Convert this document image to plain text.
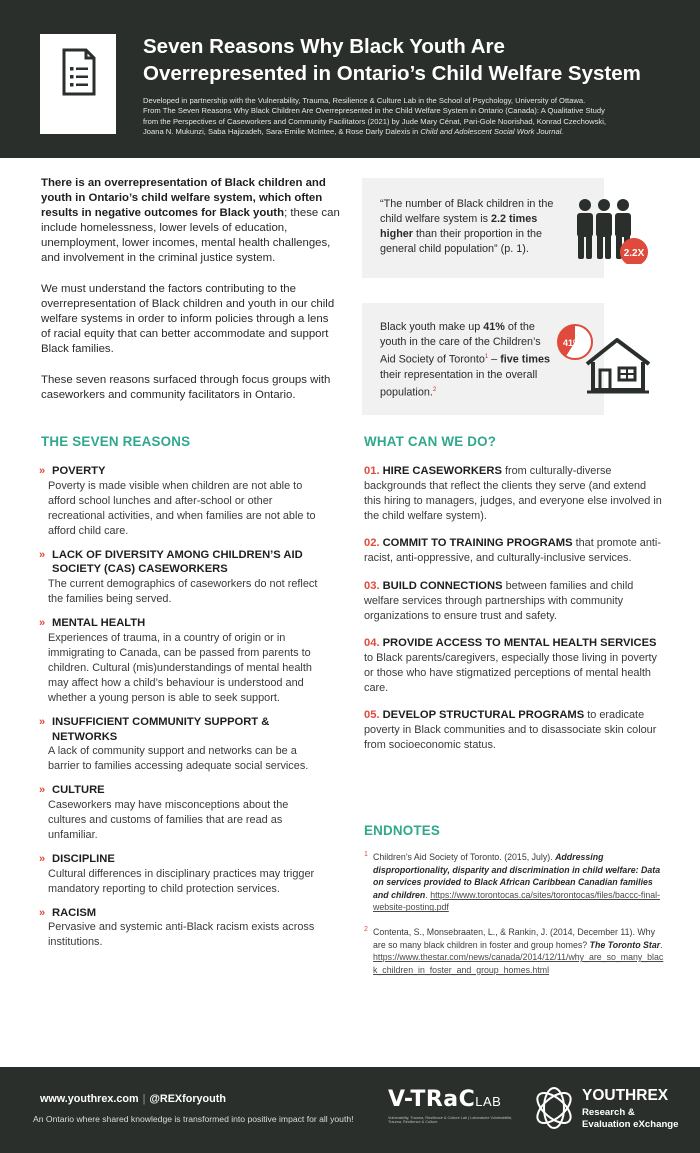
FACTSHEET
Seven Reasons Why Black Youth Are
Overrepresented in Ontario’s Child Welfare System
Developed in partnership with the Vulnerability, Trauma, Resilience & Culture Lab in the School of Psychology, University of Ottawa.
From The Seven Reasons Why Black Children Are Overrepresented in the Child Welfare System in Ontario (Canada): A Qualitative Study
from the Perspectives of Caseworkers and Community Facilitators (2021) by Jude Mary Cénat, Pari-Gole Noorishad, Konrad Czechowski,
Joana N. Mukunzi, Saba Hajizadeh, Sara-Emilie McIntee, & Rose Darly Dalexis in Child and Adolescent Social Work Journal.

There is an overrepresentation of Black children and youth in Ontario’s child welfare system, which often results in negative outcomes for Black youth; these can include homelessness, lower levels of education, unemployment, lower incomes, mental health challenges, and involvement in the criminal justice system.

We must understand the factors contributing to the overrepresentation of Black children and youth in our child welfare systems in order to inform policies through a lens of racial equity that can better accommodate and support Black families.

These seven reasons surfaced through focus groups with caseworkers and community facilitators in Ontario.

“The number of Black children in the child welfare system is 2.2 times higher than their proportion in the general child population” (p. 1).	2.2X
Black youth make up 41% of the youth in the care of the Children’s Aid Society of Toronto$^1$ – five times their representation in the overall population.$^2$
41%
THE SEVEN REASONS
» POVERTY
Poverty is made visible when children are not able to afford school lunches and after-school or other recreational activities, and when families are not able to afford child care.
» LACK OF DIVERSITY AMONG CHILDREN’S AID SOCIETY (CAS) CASEWORKERS
The current demographics of caseworkers do not reflect the families being served.
» MENTAL HEALTH
Experiences of trauma, in a country of origin or in immigrating to Canada, can be passed from parents to children. Cultural (mis)understandings of mental health may affect how a child’s behaviour is understood and whether a young person is able to seek support.
» INSUFFICIENT COMMUNITY SUPPORT & NETWORKS
A lack of community support and networks can be a barrier to families accessing adequate social services.
» CULTURE
Caseworkers may have misconceptions about the cultures and customs of families that are read as unfamiliar.
» DISCIPLINE
Cultural differences in disciplinary practices may trigger mandatory reporting to child protection services.
» RACISM
Pervasive and systemic anti-Black racism exists across institutions.
WHAT CAN WE DO?
01. HIRE CASEWORKERS from culturally-diverse backgrounds that reflect the clients they serve (and extend this hiring to managers, judges, and everyone else involved in the child welfare system).
02. COMMIT TO TRAINING PROGRAMS that promote anti-racist, anti-oppressive, and culturally-inclusive services.
03. BUILD CONNECTIONS between families and child welfare services through partnerships with community organizations to ensure trust and safety.
04. PROVIDE ACCESS TO MENTAL HEALTH SERVICES to Black parents/caregivers, especially those living in poverty or those who have stigmatized perceptions of mental health care.
05. DEVELOP STRUCTURAL PROGRAMS to eradicate poverty in Black communities and to disassociate skin colour from socioeconomic status.
ENDNOTES
1 Children’s Aid Society of Toronto. (2015, July). Addressing disproportionality, disparity and discrimination in child welfare: Data on services provided to Black African Caribbean Canadian families and children. https://www.torontocas.ca/sites/torontocas/files/baccc-final-website-posting.pdf
2 Contenta, S., Monsebraaten, L., & Rankin, J. (2014, December 11). Why are so many black children in foster and group homes? The Toronto Star. https://www.thestar.com/news/canada/2014/12/11/why_are_so_many_black_children_in_foster_and_group_homes.html
www.youthrex.com | @REXforyouth
An Ontario where shared knowledge is transformed into positive impact for all youth!
V-TRaCLAB
Vulnerability, Trauma, Resilience & Culture Lab | Laboratoire Vulnérabilité, Trauma, Résilience & Culture
YOUTHREX
Research &
Evaluation eXchange
